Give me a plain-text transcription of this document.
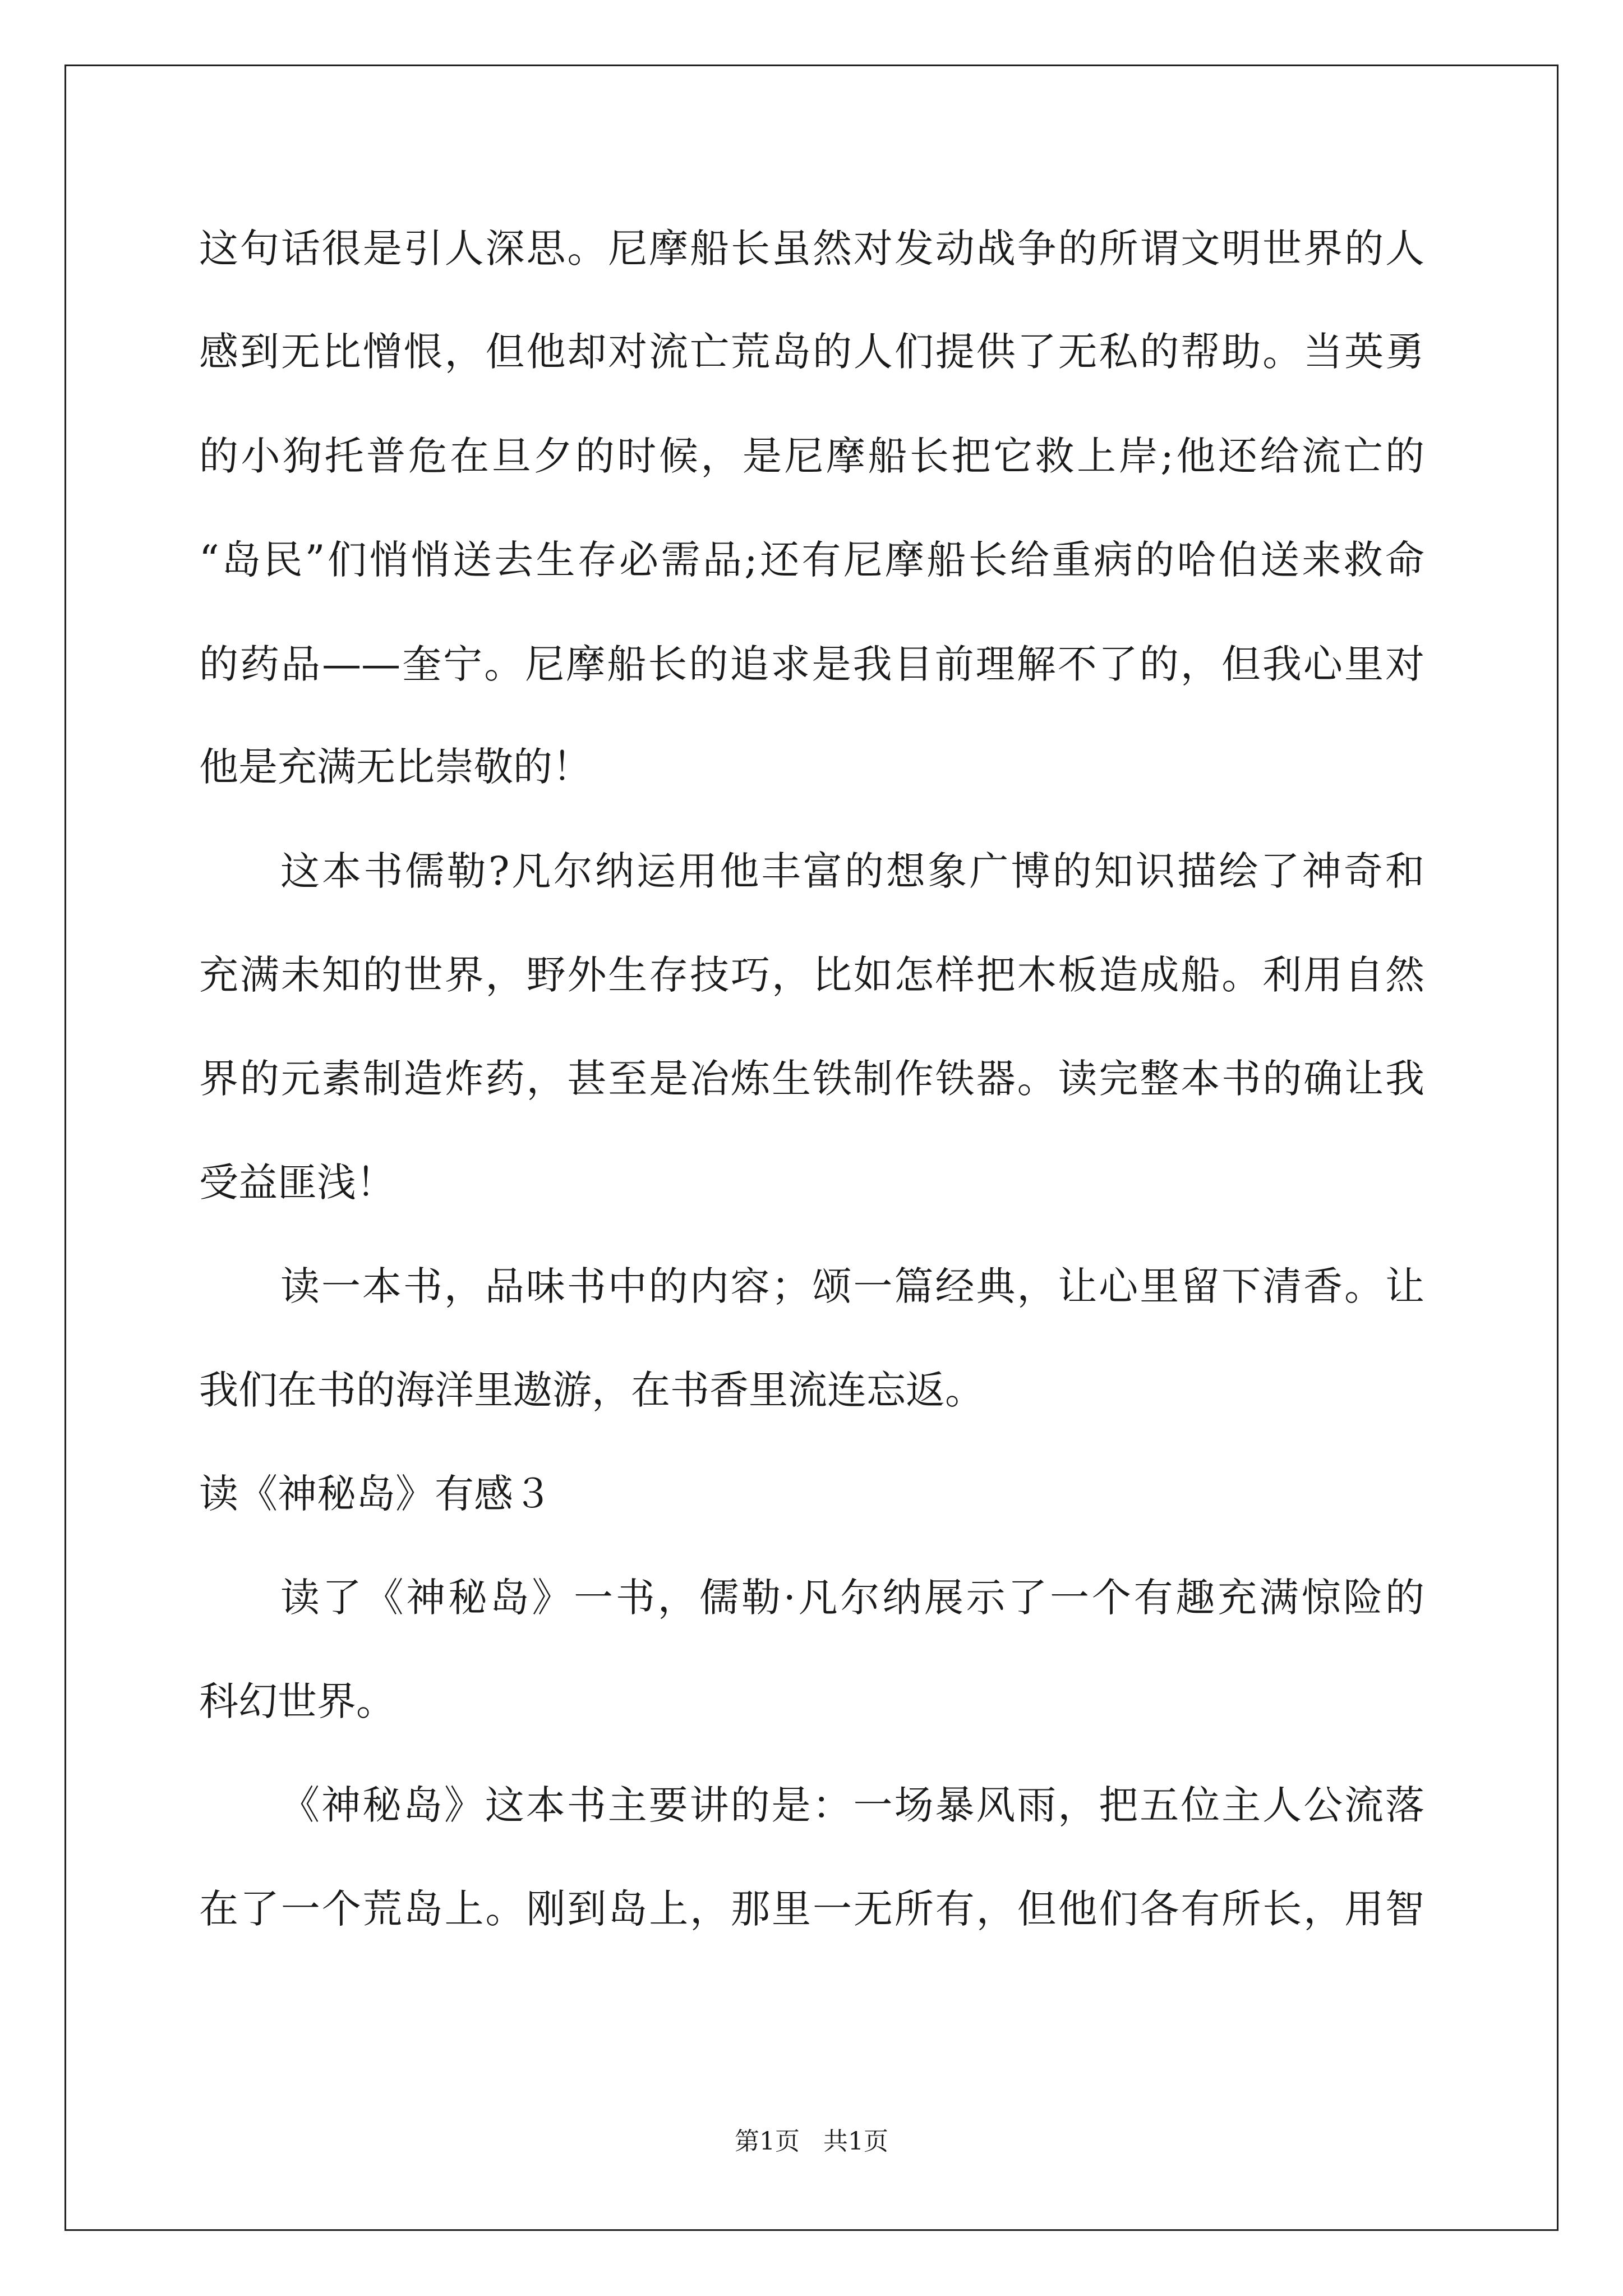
这句话很是引人深思。尼摩船长虽然对发动战争的所谓文明世界的人
感到无比憎恨，但他却对流亡荒岛的人们提供了无私的帮助。当英勇
的小狗托普危在旦夕的时候，是尼摩船长把它救上岸;他还给流亡的
“岛民”们悄悄送去生存必需品;还有尼摩船长给重病的哈伯送来救命
的药品——奎宁。尼摩船长的追求是我目前理解不了的，但我心里对
他是充满无比崇敬的！
这本书儒勒?凡尔纳运用他丰富的想象广博的知识描绘了神奇和
充满未知的世界，野外生存技巧，比如怎样把木板造成船。利用自然
界的元素制造炸药，甚至是冶炼生铁制作铁器。读完整本书的确让我
受益匪浅！
读一本书，品味书中的内容；颂一篇经典，让心里留下清香。让
我们在书的海洋里遨游，在书香里流连忘返。
读《神秘岛》有感３
读了《神秘岛》一书，儒勒·凡尔纳展示了一个有趣充满惊险的
科幻世界。
《神秘岛》这本书主要讲的是：一场暴风雨，把五位主人公流落
在了一个荒岛上。刚到岛上，那里一无所有，但他们各有所长，用智
第1页   共1页
